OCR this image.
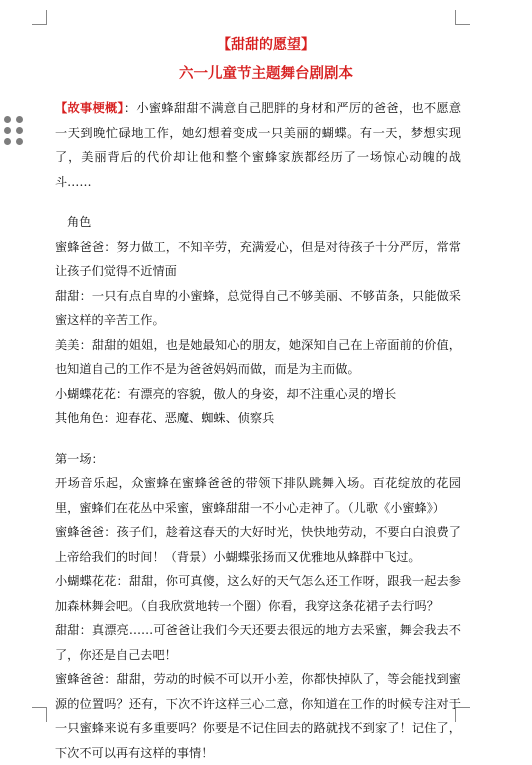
【甜甜的愿望】
六一儿童节主题舞台剧剧本

【故事梗概】：小蜜蜂甜甜不满意自己肥胖的身材和严厉的爸爸，也不愿意一天到晚忙碌地工作，她幻想着变成一只美丽的蝴蝶。有一天，梦想实现了，美丽背后的代价却让他和整个蜜蜂家族都经历了一场惊心动魄的战斗……

角色

蜜蜂爸爸：努力做工，不知辛劳，充满爱心，但是对待孩子十分严厉，常常让孩子们觉得不近情面

甜甜：一只有点自卑的小蜜蜂，总觉得自己不够美丽、不够苗条，只能做采蜜这样的辛苦工作。

美美：甜甜的姐姐，也是她最知心的朋友，她深知自己在上帝面前的价值，也知道自己的工作不是为爸爸妈妈而做，而是为主而做。

小蝴蝶花花：有漂亮的容貌，傲人的身姿，却不注重心灵的增长

其他角色：迎春花、恶魔、蜘蛛、侦察兵

第一场：

开场音乐起，众蜜蜂在蜜蜂爸爸的带领下排队跳舞入场。百花绽放的花园里，蜜蜂们在花丛中采蜜，蜜蜂甜甜一不小心走神了。（儿歌《小蜜蜂》）

蜜蜂爸爸：孩子们，趁着这春天的大好时光，快快地劳动，不要白白浪费了上帝给我们的时间！（背景）小蝴蝶张扬而又优雅地从蜂群中飞过。

小蝴蝶花花：甜甜，你可真傻，这么好的天气怎么还工作呀，跟我一起去参加森林舞会吧。（自我欣赏地转一个圈）你看，我穿这条花裙子去行吗？

甜甜：真漂亮……可爸爸让我们今天还要去很远的地方去采蜜，舞会我去不了，你还是自己去吧！

蜜蜂爸爸：甜甜，劳动的时候不可以开小差，你都快掉队了，等会能找到蜜源的位置吗？还有，下次不许这样三心二意，你知道在工作的时候专注对于一只蜜蜂来说有多重要吗？你要是不记住回去的路就找不到家了！记住了，下次不可以再有这样的事情！
